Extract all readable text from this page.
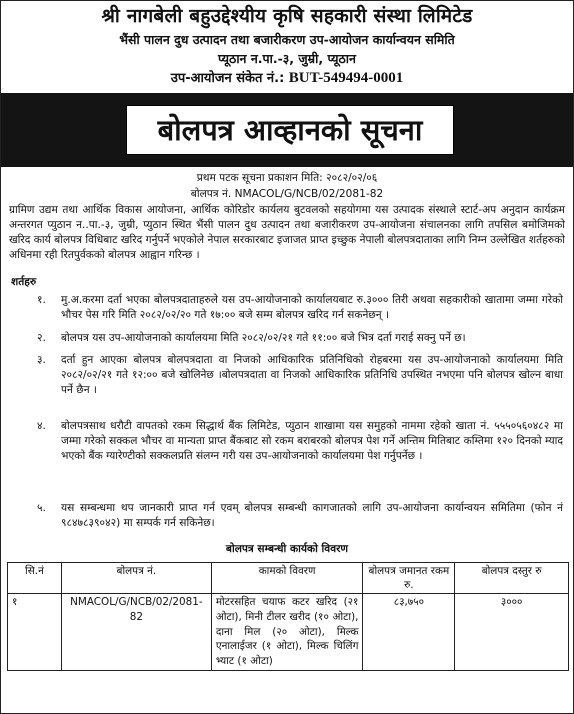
श्री नागबेली बहुउद्देश्यीय कृषि सहकारी संस्था लिमिटेड
भैंसी पालन दुध उत्पादन तथा बजारीकरण उप-आयोजन कार्यान्वयन समिति
प्यूठान न.पा.-३, जुम्री, प्यूठान
उप-आयोजन संकेत नं.: BUT-549494-0001
बोलपत्र आव्हानको सूचना
प्रथम पटक सूचना प्रकाशन मिति: २०८२/०२/०६
बोलपत्र नं. NMACOL/G/NCB/02/2081-82
ग्रामिण उद्यम तथा आर्थिक विकास आयोजना, आर्थिक कोरिडोर कार्यलय बुटवलको सहयोगमा यस उत्पादक संस्थाले स्टार्ट-अप अनुदान कार्यक्रम अन्तरगत प्युठान न..पा.-३, जुम्री, प्युठान स्थित भैंसी पालन दुध उत्पादन तथा बजारीकरण उप-आयोजना संचालनका लागि तपसिल बमोजिमको खरिद कार्य बोलपत्र विधिबाट खरिद गर्नुपर्ने भएकोले नेपाल सरकारबाट इजाजत प्राप्त इच्छुक नेपाली बोलपत्रदाताका लागि निम्न उल्लेखित शर्तहरुको अधिनमा रही रितपुर्वकको बोलपत्र आह्वान गरिन्छ ।
शर्तहरु
१. मु.अ.करमा दर्ता भएका बोलपत्रदाताहरुले यस उप-आयोजनाको कार्यालयबाट रु.३००० तिरी अथवा सहकारीको खातामा जम्मा गरेको भौचर पेस गरि मिति २०८२/०२/२० गते १७:०० बजे सम्म बोलपत्र खरिद गर्न सकनेछन् ।
२. बोलपत्र यस उप-आयोजनाको कार्यालयमा मिति २०८२/०२/२१ गते ११:०० बजे भित्र दर्ता गराई सक्नु पर्ने छ।
३. दर्ता हुन आएका बोलपत्र बोलपत्रदाता वा निजको आधिकारिक प्रतिनिधिको रोहबरमा यस उप-आयोजनाको कार्यालयमा मिति २०८२/०२/२१ गते १२:०० बजे खोलिनेछ ।बोलपत्रदाता वा निजको आधिकारिक प्रतिनिधि उपस्थित नभएमा पनि बोलपत्र खोल्न बाधा पर्ने छैन ।
४. बोलपत्रसाथ धरौटी वापतको रकम सिद्धार्थ बैंक लिमिटेड, प्युठान शाखामा यस समुहको नाममा रहेको खाता नं. ५५५०५६०४८२ मा जम्मा गरेको सक्कल भौचर वा मान्यता प्राप्त बैंकबाट सो रकम बराबरको बोलपत्र पेश गर्ने अन्तिम मितिबाट कम्तिमा १२० दिनको म्याद भएको बैंक ग्यारेण्टीको सक्कलप्रति संलग्न गरी यस उप-आयोजनाको कार्यालयमा पेश गर्नुपर्नेछ ।
५. यस सम्बन्धमा थप जानकारी प्राप्त गर्न एवम् बोलपत्र सम्बन्धी कागजातको लागि उप-आयोजना कार्यान्वयन समितिमा (फोन नं ९८४७८३९०४२) मा सम्पर्क गर्न सकिनेछ।
बोलपत्र सम्बन्धी कार्यको विवरण
सि.नं	बोलपत्र नं.	कामको विवरण	बोलपत्र जमानत रकम रु.	बोलपत्र दस्तुर रु
१	NMACOL/G/NCB/02/2081-82	मोटरसहित चयाफ कटर खरिद (२१ ओटा), मिनी टीलर खरीद (१० ओटा), दाना मिल (२० ओटा), मिल्क एनालाईजर (१ ओटा), मिल्क चिलिंग भ्याट (१ ओटा)	८३,७५०	३०००
